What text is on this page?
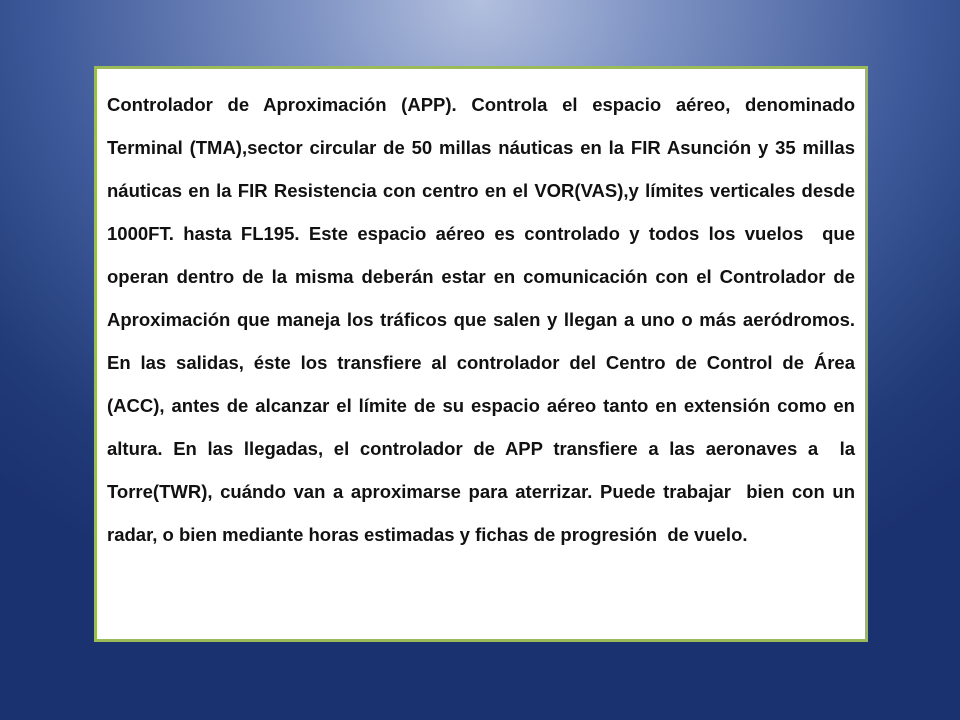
Controlador de Aproximación (APP). Controla el espacio aéreo, denominado Terminal (TMA),sector circular de 50 millas náuticas en la FIR Asunción y 35 millas náuticas en la FIR Resistencia con centro en el VOR(VAS),y límites verticales desde 1000FT. hasta FL195. Este espacio aéreo es controlado y todos los vuelos  que operan dentro de la misma deberán estar en comunicación con el Controlador de Aproximación que maneja los tráficos que salen y llegan a uno o más aeródromos. En las salidas, éste los transfiere al controlador del Centro de Control de Área (ACC), antes de alcanzar el límite de su espacio aéreo tanto en extensión como en altura. En las llegadas, el controlador de APP transfiere a las aeronaves a  la Torre(TWR), cuándo van a aproximarse para aterrizar. Puede trabajar  bien con un radar, o bien mediante horas estimadas y fichas de progresión  de vuelo.
